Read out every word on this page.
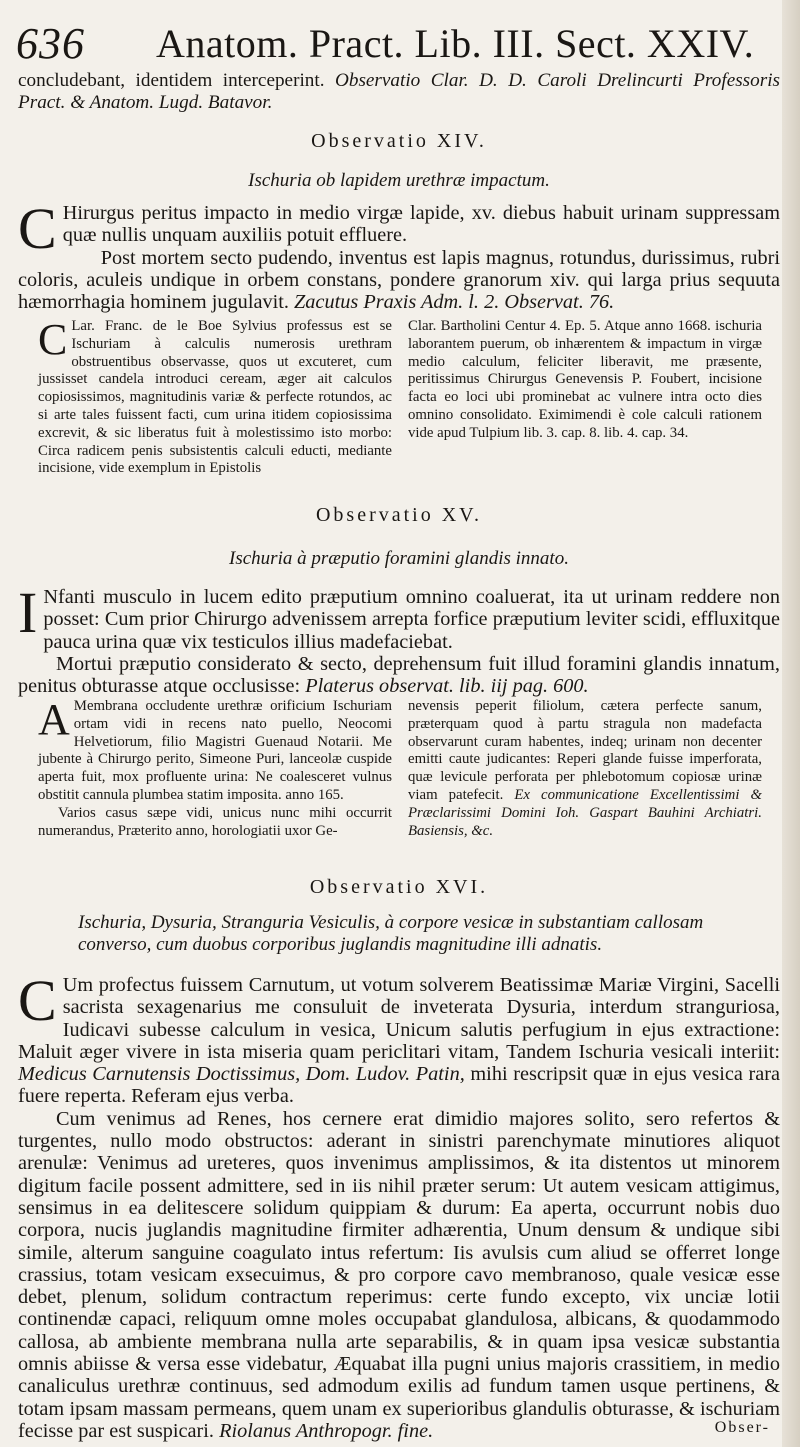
636 Anatom. Pract. Lib. III. Sect. XXIV.

concludebant, identidem interceperint. Observatio Clar. D. D. Caroli Drelincurti Professoris Pract. & Anatom. Lugd. Batavor.

Observatio XIV.
Ischuria ob lapidem urethræ impactum.

C Hirurgus peritus impacto in medio virgæ lapide, xv. diebus habuit urinam suppressam quæ nullis unquam auxiliis potuit effluere.

Post mortem secto pudendo, inventus est lapis magnus, rotundus, durissimus, rubri coloris, aculeis undique in orbem constans, pondere granorum xiv. qui larga prius sequuta hæmorrhagia hominem jugulavit. Zacutus Praxis Adm. l. 2. Observat. 76.

C Lar. Franc. de le Boe Sylvius professus est se Ischuriam à calculis numerosis urethram obstruentibus observasse, quos ut excuteret, cum jussisset candela introduci ceream, æger ait calculos copiosissimos, magnitudinis variæ & perfecte rotundos, ac si arte tales fuissent facti, cum urina itidem copiosissima excrevit, & sic liberatus fuit à molestissimo isto morbo: Circa radicem penis subsistentis calculi educti, mediante incisione, vide exemplum in Epistolis

Clar. Bartholini Centur 4. Ep. 5. Atque anno 1668. ischuria laborantem puerum, ob inhærentem & impactum in virgæ medio calculum, feliciter liberavit, me præsente, peritissimus Chirurgus Genevensis P. Foubert, incisione facta eo loci ubi prominebat ac vulnere intra octo dies omnino consolidato. Eximimendi è cole calculi rationem vide apud Tulpium lib. 3. cap. 8. lib. 4. cap. 34.

Observatio XV.
Ischuria à præputio foramini glandis innato.

I Nfanti musculo in lucem edito præputium omnino coaluerat, ita ut urinam reddere non posset: Cum prior Chirurgo advenissem arrepta forfice præputium leviter scidi, effluxitque pauca urina quæ vix testiculos illius madefaciebat.

Mortui præputio considerato & secto, deprehensum fuit illud foramini glandis innatum, penitus obturasse atque occlusisse: Platerus observat. lib. iij pag. 600.

A Membrana occludente urethræ orificium Ischuriam ortam vidi in recens nato puello, Neocomi Helvetiorum, filio Magistri Guenaud Notarii. Me jubente à Chirurgo perito, Simeone Puri, lanceolæ cuspide aperta fuit, mox profluente urina: Ne coalesceret vulnus obstitit cannula plumbea statim imposita. anno 165.

Varios casus sæpe vidi, unicus nunc mihi occurrit numerandus, Præterito anno, horologiatii uxor Ge-

nevensis peperit filiolum, cætera perfecte sanum, præterquam quod à partu stragula non madefacta observarunt curam habentes, indeq; urinam non decenter emitti caute judicantes: Reperi glande fuisse imperforata, quæ levicule perforata per phlebotomum copiosæ urinæ viam patefecit. Ex communicatione Excellentissimi & Præclarissimi Domini Ioh. Gaspart Bauhini Archiatri. Basiensis, &c.

Observatio XVI.
Ischuria, Dysuria, Stranguria Vesiculis, à corpore vesicæ in substantiam callosam converso, cum duobus corporibus juglandis magnitudine illi adnatis.

C Um profectus fuissem Carnutum, ut votum solverem Beatissimæ Mariæ Virgini, Sacelli sacrista sexagenarius me consuluit de inveterata Dysuria, interdum stranguriosa, Iudicavi subesse calculum in vesica, Unicum salutis perfugium in ejus extractione: Maluit æger vivere in ista miseria quam periclitari vitam, Tandem Ischuria vesicali interiit: Medicus Carnutensis Doctissimus, Dom. Ludov. Patin, mihi rescripsit quæ in ejus vesica rara fuere reperta. Referam ejus verba.

Cum venimus ad Renes, hos cernere erat dimidio majores solito, sero refertos & turgentes, nullo modo obstructos: aderant in sinistri parenchymate minutiores aliquot arenulæ: Venimus ad ureteres, quos invenimus amplissimos, & ita distentos ut minorem digitum facile possent admittere, sed in iis nihil præter serum: Ut autem vesicam attigimus, sensimus in ea delitescere solidum quippiam & durum: Ea aperta, occurrunt nobis duo corpora, nucis juglandis magnitudine firmiter adhærentia, Unum densum & undique sibi simile, alterum sanguine coagulato intus refertum: Iis avulsis cum aliud se offerret longe crassius, totam vesicam exsecuimus, & pro corpore cavo membranoso, quale vesicæ esse debet, plenum, solidum contractum reperimus: certe fundo excepto, vix unciæ lotii continendæ capaci, reliquum omne moles occupabat glandulosa, albicans, & quodammodo callosa, ab ambiente membrana nulla arte separabilis, & in quam ipsa vesicæ substantia omnis abiisse & versa esse videbatur, Æquabat illa pugni unius majoris crassitiem, in medio canaliculus urethræ continuus, sed admodum exilis ad fundum tamen usque pertinens, & totam ipsam massam permeans, quem unam ex superioribus glandulis obturasse, & ischuriam fecisse par est suspicari. Riolanus Anthropogr. fine.	Obser-
